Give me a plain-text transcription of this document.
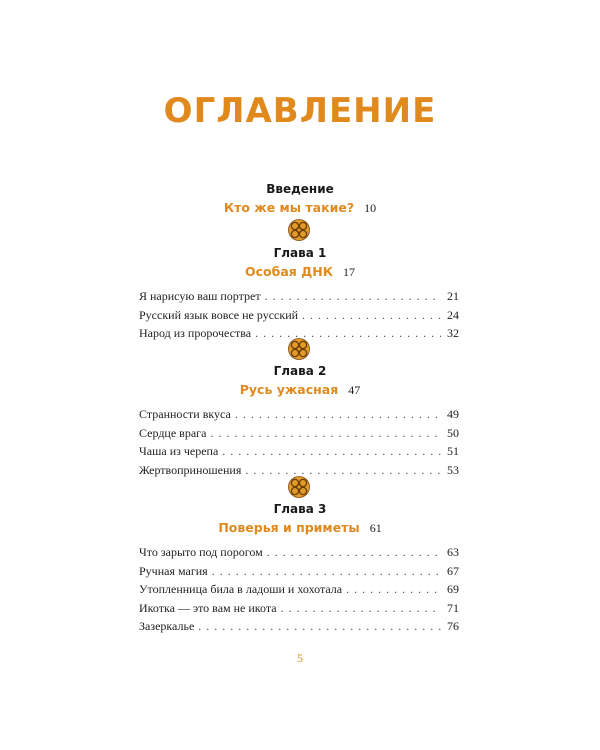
ОГЛАВЛЕНИЕ
Введение
Кто же мы такие? 10
Глава 1
Особая ДНК 17
Я нарисую ваш портрет . . .	21
Русский язык вовсе не русский . . .	24
Народ из пророчества . . .	32
Глава 2
Русь ужасная 47
Странности вкуса . . .	49
Сердце врага . . .	50
Чаша из черепа . . .	51
Жертвоприношения . . .	53
Глава 3
Поверья и приметы 61
Что зарыто под порогом . . .	63
Ручная магия . . .	67
Утопленница била в ладоши и хохотала . . .	69
Икотка — это вам не икота . . .	71
Зазеркалье . . .	76
5
